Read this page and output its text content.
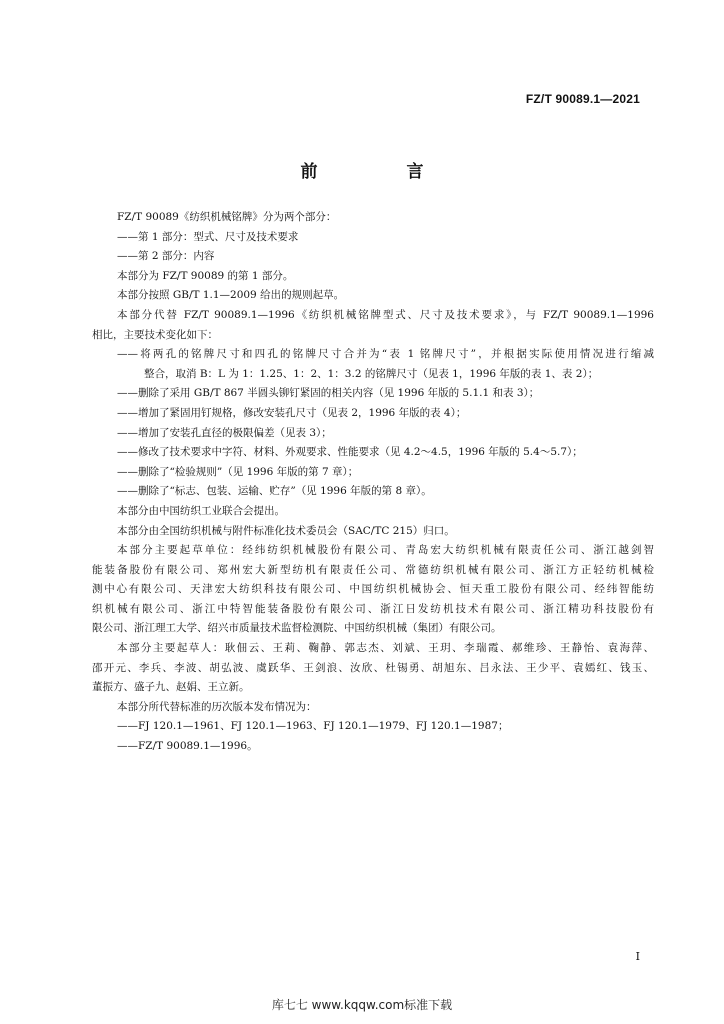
FZ/T 90089.1—2021
前　言
FZ/T 90089《纺织机械铭牌》分为两个部分：
——第 1 部分：型式、尺寸及技术要求
——第 2 部分：内容
本部分为 FZ/T 90089 的第 1 部分。
本部分按照 GB/T 1.1—2009 给出的规则起草。
本部分代替 FZ/T 90089.1—1996《纺织机械铭牌型式、尺寸及技术要求》，与 FZ/T 90089.1—1996
相比，主要技术变化如下：
——将两孔的铭牌尺寸和四孔的铭牌尺寸合并为“表 1 铭牌尺寸”，并根据实际使用情况进行缩减
整合，取消 B：L 为 1：1.25、1：2、1：3.2 的铭牌尺寸（见表 1，1996 年版的表 1、表 2）；
——删除了采用 GB/T 867 半圆头铆钉紧固的相关内容（见 1996 年版的 5.1.1 和表 3）；
——增加了紧固用钉规格，修改安装孔尺寸（见表 2，1996 年版的表 4）；
——增加了安装孔直径的极限偏差（见表 3）；
——修改了技术要求中字符、材料、外观要求、性能要求（见 4.2～4.5，1996 年版的 5.4～5.7）；
——删除了“检验规则”（见 1996 年版的第 7 章）；
——删除了“标志、包装、运输、贮存”（见 1996 年版的第 8 章）。
本部分由中国纺织工业联合会提出。
本部分由全国纺织机械与附件标准化技术委员会（SAC/TC 215）归口。
本部分主要起草单位：经纬纺织机械股份有限公司、青岛宏大纺织机械有限责任公司、浙江越剑智
能装备股份有限公司、郑州宏大新型纺机有限责任公司、常德纺织机械有限公司、浙江方正轻纺机械检
测中心有限公司、天津宏大纺织科技有限公司、中国纺织机械协会、恒天重工股份有限公司、经纬智能纺
织机械有限公司、浙江中特智能装备股份有限公司、浙江日发纺机技术有限公司、浙江精功科技股份有
限公司、浙江理工大学、绍兴市质量技术监督检测院、中国纺织机械（集团）有限公司。
本部分主要起草人：耿佃云、王莉、鞠静、郭志杰、刘斌、王玥、李瑞霞、郝维珍、王静怡、袁海萍、
邵开元、李兵、李波、胡弘波、虞跃华、王剑浪、汝欣、杜锡勇、胡旭东、吕永法、王少平、袁嫣红、钱玉、
董振方、盛子九、赵娟、王立新。
本部分所代替标准的历次版本发布情况为：
——FJ 120.1—1961、FJ 120.1—1963、FJ 120.1—1979、FJ 120.1—1987；
——FZ/T 90089.1—1996。
I
库七七 www.kqqw.com标准下载
